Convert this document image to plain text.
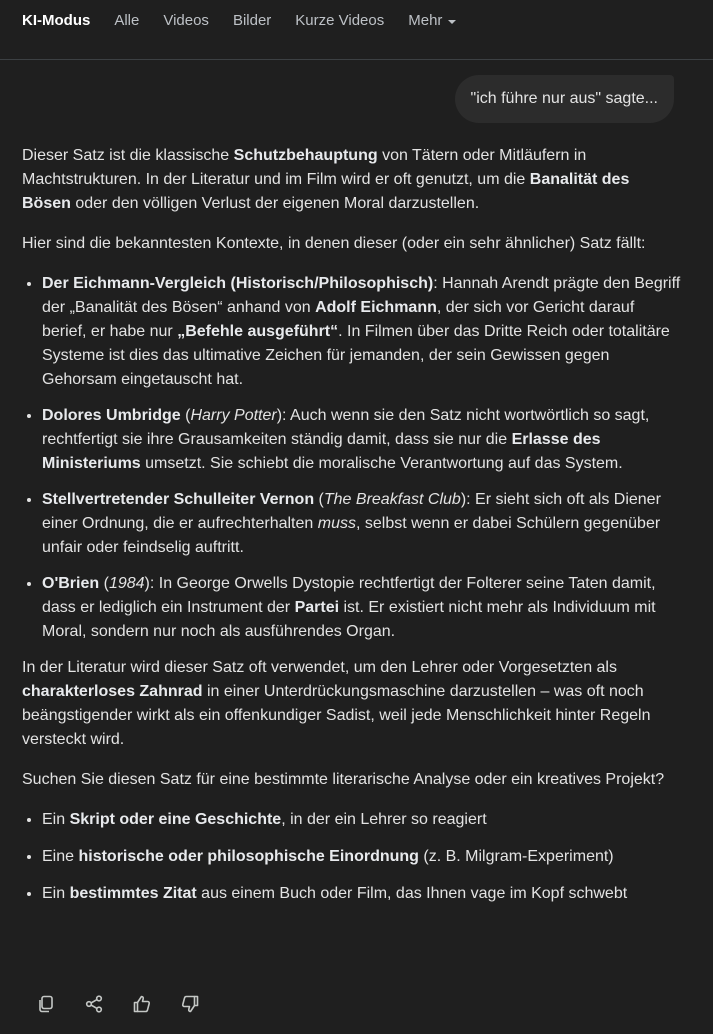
KI-Modus Alle Videos Bilder Kurze Videos Mehr
"ich führe nur aus" sagte...

Dieser Satz ist die klassische Schutzbehauptung von Tätern oder Mitläufern in Machtstrukturen. In der Literatur und im Film wird er oft genutzt, um die Banalität des Bösen oder den völligen Verlust der eigenen Moral darzustellen.

Hier sind die bekanntesten Kontexte, in denen dieser (oder ein sehr ähnlicher) Satz fällt:

• Der Eichmann-Vergleich (Historisch/Philosophisch): Hannah Arendt prägte den Begriff der „Banalität des Bösen“ anhand von Adolf Eichmann, der sich vor Gericht darauf berief, er habe nur „Befehle ausgeführt“. In Filmen über das Dritte Reich oder totalitäre Systeme ist dies das ultimative Zeichen für jemanden, der sein Gewissen gegen Gehorsam eingetauscht hat.
• Dolores Umbridge (Harry Potter): Auch wenn sie den Satz nicht wortwörtlich so sagt, rechtfertigt sie ihre Grausamkeiten ständig damit, dass sie nur die Erlasse des Ministeriums umsetzt. Sie schiebt die moralische Verantwortung auf das System.
• Stellvertretender Schulleiter Vernon (The Breakfast Club): Er sieht sich oft als Diener einer Ordnung, die er aufrechterhalten muss, selbst wenn er dabei Schülern gegenüber unfair oder feindselig auftritt.
• O'Brien (1984): In George Orwells Dystopie rechtfertigt der Folterer seine Taten damit, dass er lediglich ein Instrument der Partei ist. Er existiert nicht mehr als Individuum mit Moral, sondern nur noch als ausführendes Organ.

In der Literatur wird dieser Satz oft verwendet, um den Lehrer oder Vorgesetzten als charakterloses Zahnrad in einer Unterdrückungsmaschine darzustellen – was oft noch beängstigender wirkt als ein offenkundiger Sadist, weil jede Menschlichkeit hinter Regeln versteckt wird.

Suchen Sie diesen Satz für eine bestimmte literarische Analyse oder ein kreatives Projekt?

• Ein Skript oder eine Geschichte, in der ein Lehrer so reagiert
• Eine historische oder philosophische Einordnung (z. B. Milgram-Experiment)
• Ein bestimmtes Zitat aus einem Buch oder Film, das Ihnen vage im Kopf schwebt
